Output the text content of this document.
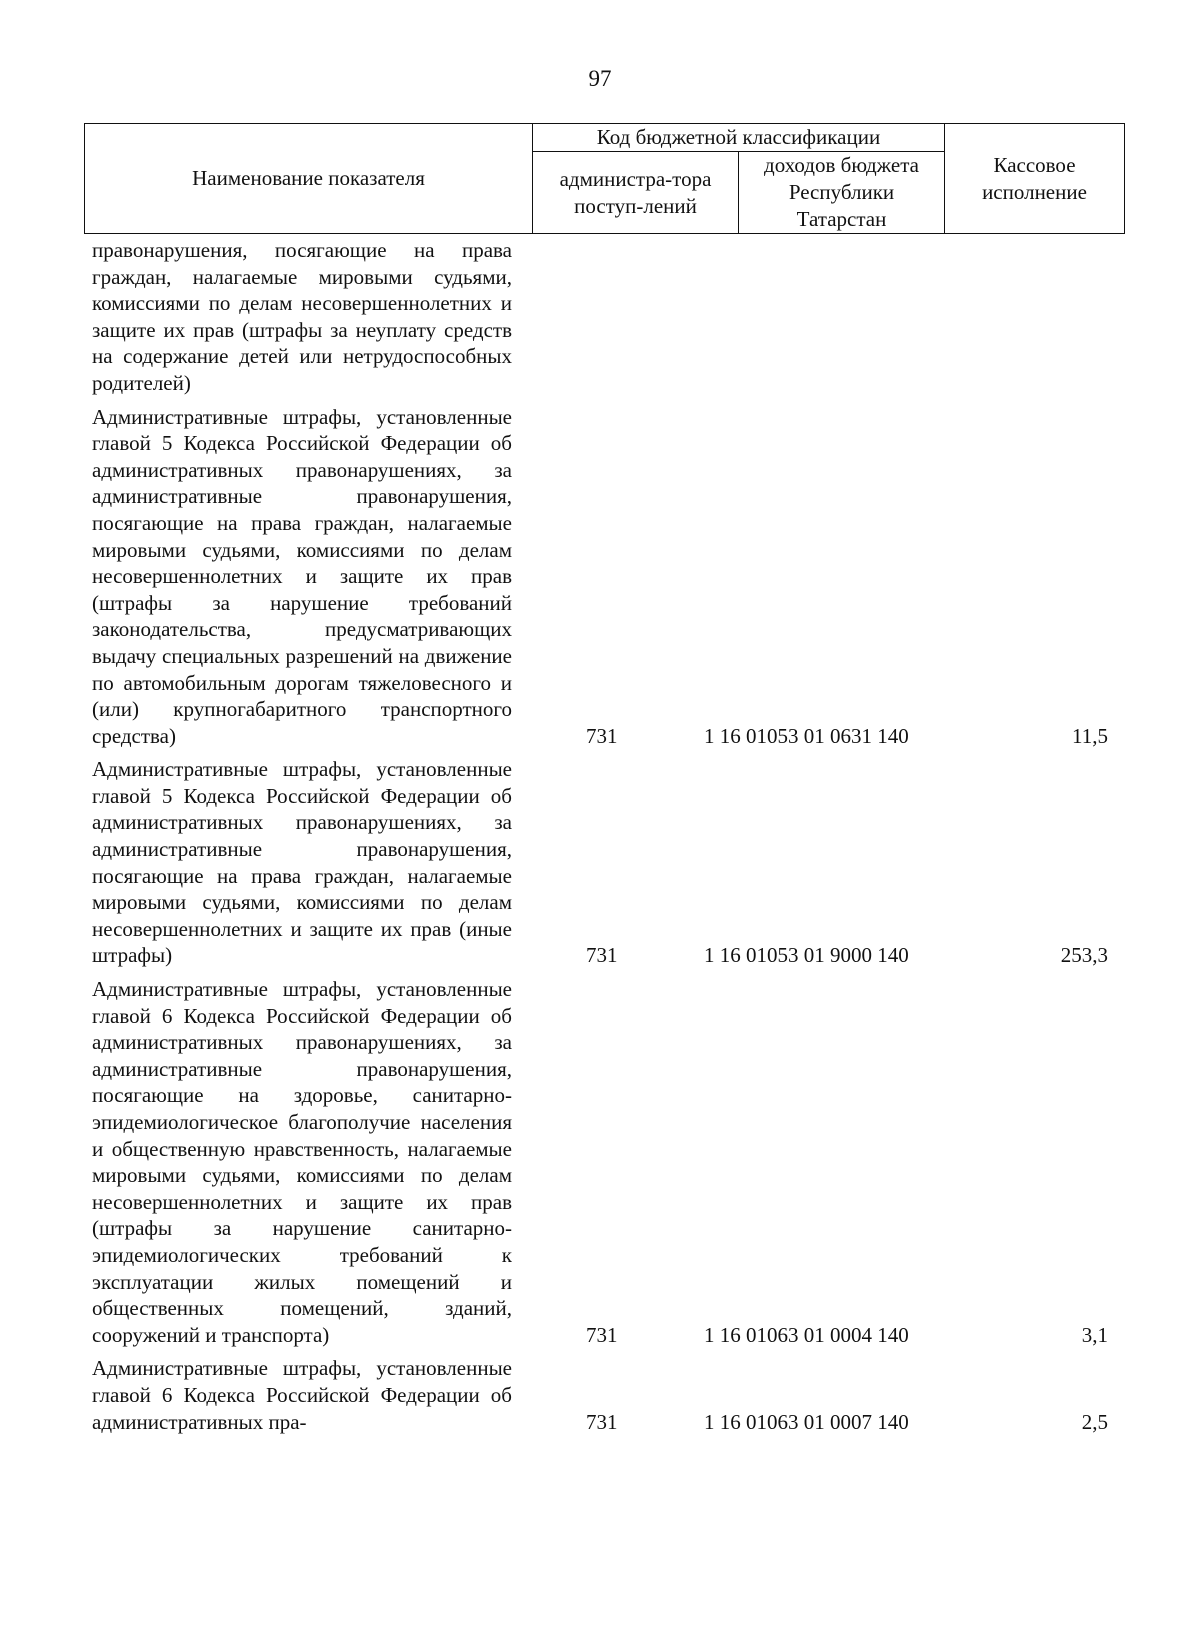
97
Наименование показателя	Код бюджетной классификации		Кассовое исполнение
	администра-тора поступ-лений	доходов бюджета Республики Татарстан	
правонарушения, посягающие на права граждан, налагаемые мировыми судьями, комиссиями по делам несовершеннолетних и защите их прав (штрафы за неуплату средств на содержание детей или нетрудоспособных родителей)
Административные штрафы, установленные главой 5 Кодекса Российской Федерации об административных правонарушениях, за административные правонарушения, посягающие на права граждан, налагаемые мировыми судьями, комиссиями по делам несовершеннолетних и защите их прав (штрафы за нарушение требований законодательства, предусматривающих выдачу специальных разрешений на движение по автомобильным дорогам тяжеловесного и (или) крупногабаритного транспортного средства)	731	1 16 01053 01 0631 140	11,5
Административные штрафы, установленные главой 5 Кодекса Российской Федерации об административных правонарушениях, за административные правонарушения, посягающие на права граждан, налагаемые мировыми судьями, комиссиями по делам несовершеннолетних и защите их прав (иные штрафы)	731	1 16 01053 01 9000 140	253,3
Административные штрафы, установленные главой 6 Кодекса Российской Федерации об административных правонарушениях, за административные правонарушения, посягающие на здоровье, санитарно-эпидемиологическое благополучие населения и общественную нравственность, налагаемые мировыми судьями, комиссиями по делам несовершеннолетних и защите их прав (штрафы за нарушение санитарно-эпидемиологических требований к эксплуатации жилых помещений и общественных помещений, зданий, сооружений и транспорта)	731	1 16 01063 01 0004 140	3,1
Административные штрафы, установленные главой 6 Кодекса Российской Федерации об административных пра-	731	1 16 01063 01 0007 140	2,5
